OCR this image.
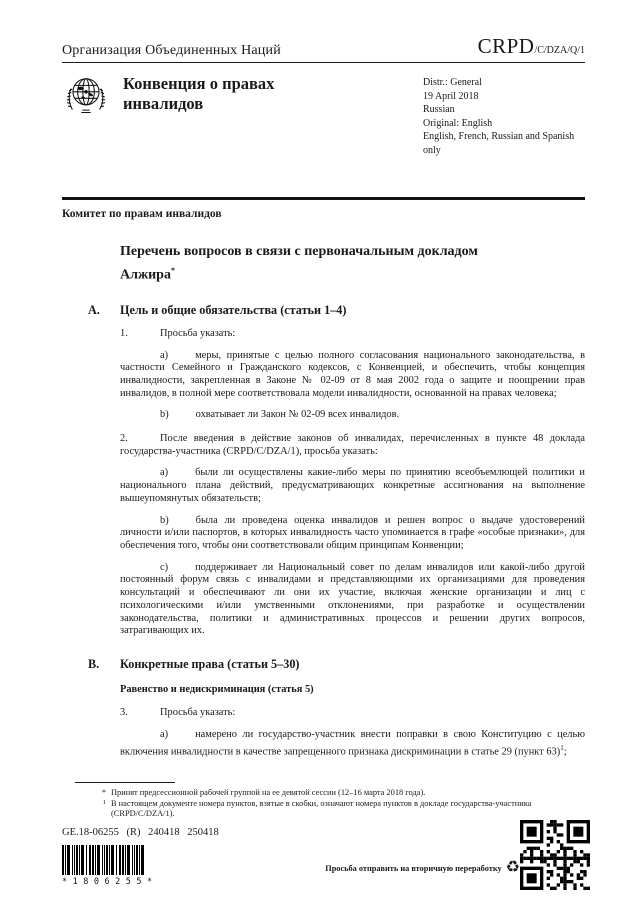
Организация Объединенных Наций	CRPD/C/DZA/Q/1
Конвенция о правах инвалидов
Distr.: General
19 April 2018
Russian
Original: English
English, French, Russian and Spanish only
Комитет по правам инвалидов
Перечень вопросов в связи с первоначальным докладом Алжира*
A.	Цель и общие обязательства (статьи 1–4)

1.	Просьба указать:

a)	меры, принятые с целью полного согласования национального законодательства, в частности Семейного и Гражданского кодексов, с Конвенцией, и обеспечить, чтобы концепция инвалидности, закрепленная в Законе № 02-09 от 8 мая 2002 года о защите и поощрении прав инвалидов, в полной мере соответствовала модели инвалидности, основанной на правах человека;

b)	охватывает ли Закон № 02-09 всех инвалидов.

2.	После введения в действие законов об инвалидах, перечисленных в пункте 48 доклада государства-участника (CRPD/C/DZA/1), просьба указать:

a)	были ли осуществлены какие-либо меры по принятию всеобъемлющей политики и национального плана действий, предусматривающих конкретные ассигнования на выполнение вышеупомянутых обязательств;

b)	была ли проведена оценка инвалидов и решен вопрос о выдаче удостоверений личности и/или паспортов, в которых инвалидность часто упоминается в графе «особые признаки», для обеспечения того, чтобы они соответствовали общим принципам Конвенции;

c)	поддерживает ли Национальный совет по делам инвалидов или какой-либо другой постоянный форум связь с инвалидами и представляющими их организациями для проведения консультаций и обеспечивают ли они их участие, включая женские организации и лиц с психологическими и/или умственными отклонениями, при разработке и осуществлении законодательства, политики и административных процессов и решении других вопросов, затрагивающих их.

B.	Конкретные права (статьи 5–30)
Равенство и недискриминация (статья 5)

3.	Просьба указать:

a)	намерено ли государство-участник внести поправки в свою Конституцию с целью включения инвалидности в качестве запрещенного признака дискриминации в статье 29 (пункт 63)$^1$;

* Принят предсессионной рабочей группой на ее девятой сессии (12–16 марта 2018 года).
1 В настоящем документе номера пунктов, взятые в скобки, означают номера пунктов в докладе государства-участника (CRPD/C/DZA/1).
GE.18-06255 (R) 240418 250418
*1806255*
Просьба отправить на вторичную переработку ♻
